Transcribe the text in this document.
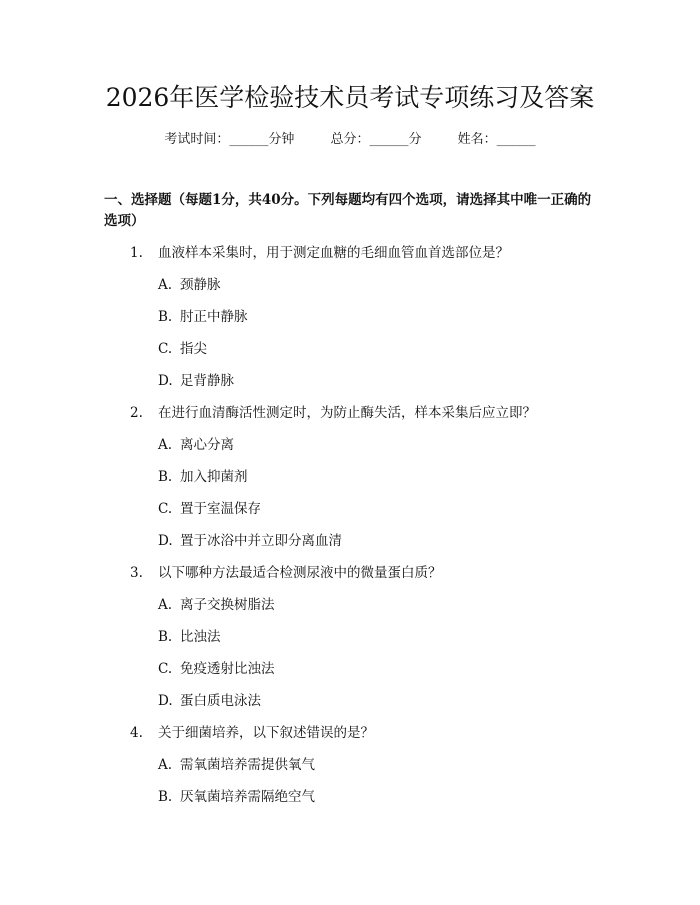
2026年医学检验技术员考试专项练习及答案
考试时间：______分钟	总分：______分	姓名：______
一、选择题（每题1分，共40分。下列每题均有四个选项，请选择其中唯一正确的选项）
1. 血液样本采集时，用于测定血糖的毛细血管血首选部位是？
A. 颈静脉
B. 肘正中静脉
C. 指尖
D. 足背静脉
2. 在进行血清酶活性测定时，为防止酶失活，样本采集后应立即？
A. 离心分离
B. 加入抑菌剂
C. 置于室温保存
D. 置于冰浴中并立即分离血清
3. 以下哪种方法最适合检测尿液中的微量蛋白质？
A. 离子交换树脂法
B. 比浊法
C. 免疫透射比浊法
D. 蛋白质电泳法
4. 关于细菌培养，以下叙述错误的是？
A. 需氧菌培养需提供氧气
B. 厌氧菌培养需隔绝空气
